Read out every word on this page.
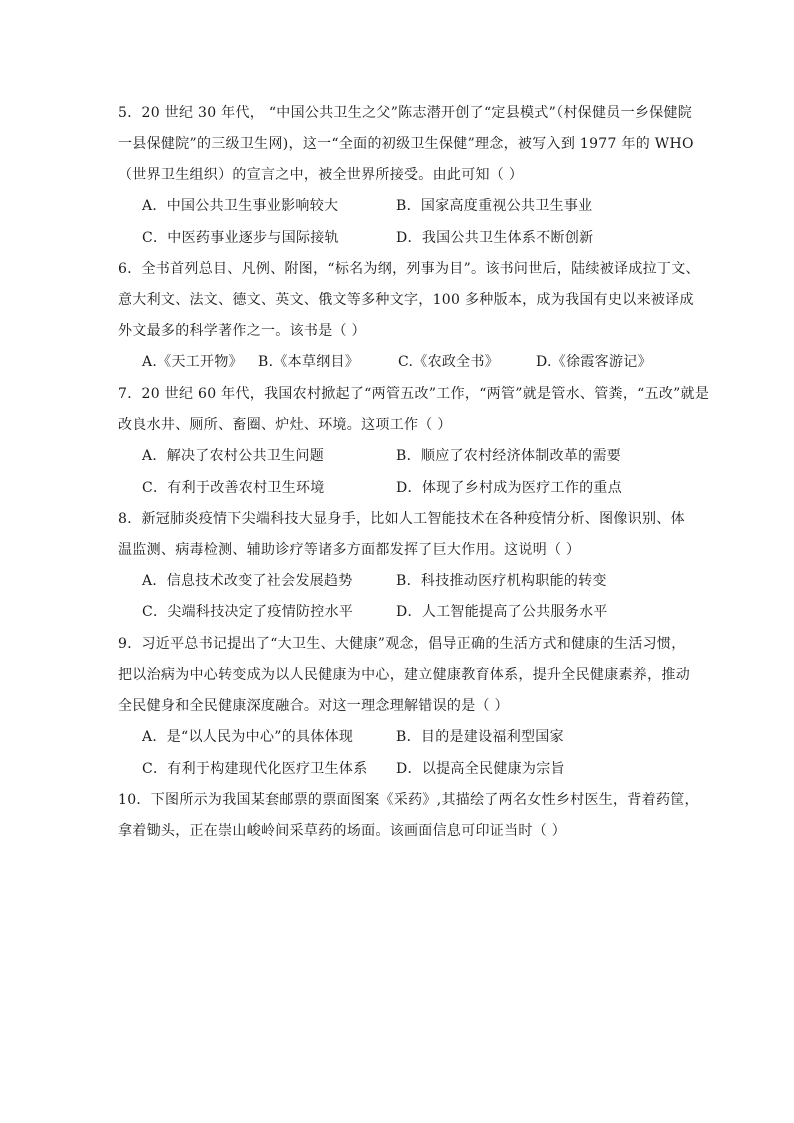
5．20 世纪 30 年代， “中国公共卫生之父”陈志潜开创了“定县模式”（村保健员一乡保健院
一县保健院”的三级卫生网)，这一“全面的初级卫生保健”理念，被写入到 1977 年的 WHO
（世界卫生组织）的宣言之中，被全世界所接受。由此可知（ ）
A．中国公共卫生事业影响较大	B．国家高度重视公共卫生事业
C．中医药事业逐步与国际接轨	D．我国公共卫生体系不断创新
6．全书首列总目、凡例、附图，“标名为纲，列事为目”。该书问世后，陆续被译成拉丁文、
意大利文、法文、德文、英文、俄文等多种文字，100 多种版本，成为我国有史以来被译成
外文最多的科学著作之一。该书是（ ）
A.《天工开物》 B.《本草纲目》	C.《农政全书》	D.《徐霞客游记》
7．20 世纪 60 年代，我国农村掀起了“两管五改”工作，“两管”就是管水、管粪，“五改”就是
改良水井、厕所、畜圈、炉灶、环境。这项工作（ ）
A．解决了农村公共卫生问题	B．顺应了农村经济体制改革的需要
C．有利于改善农村卫生环境	D．体现了乡村成为医疗工作的重点
8．新冠肺炎疫情下尖端科技大显身手，比如人工智能技术在各种疫情分析、图像识别、体
温监测、病毒检测、辅助诊疗等诸多方面都发挥了巨大作用。这说明（ ）
A．信息技术改变了社会发展趋势	B．科技推动医疗机构职能的转变
C．尖端科技决定了疫情防控水平	D．人工智能提高了公共服务水平
9．习近平总书记提出了“大卫生、大健康”观念，倡导正确的生活方式和健康的生活习惯，
把以治病为中心转变成为以人民健康为中心，建立健康教育体系，提升全民健康素养，推动
全民健身和全民健康深度融合。对这一理念理解错误的是（ ）
A．是“以人民为中心”的具体体现	B．目的是建设福利型国家
C．有利于构建现代化医疗卫生体系 D．以提高全民健康为宗旨
10．下图所示为我国某套邮票的票面图案《采药》,其描绘了两名女性乡村医生，背着药筐，
拿着锄头，正在崇山峻岭间采草药的场面。该画面信息可印证当时（ ）
